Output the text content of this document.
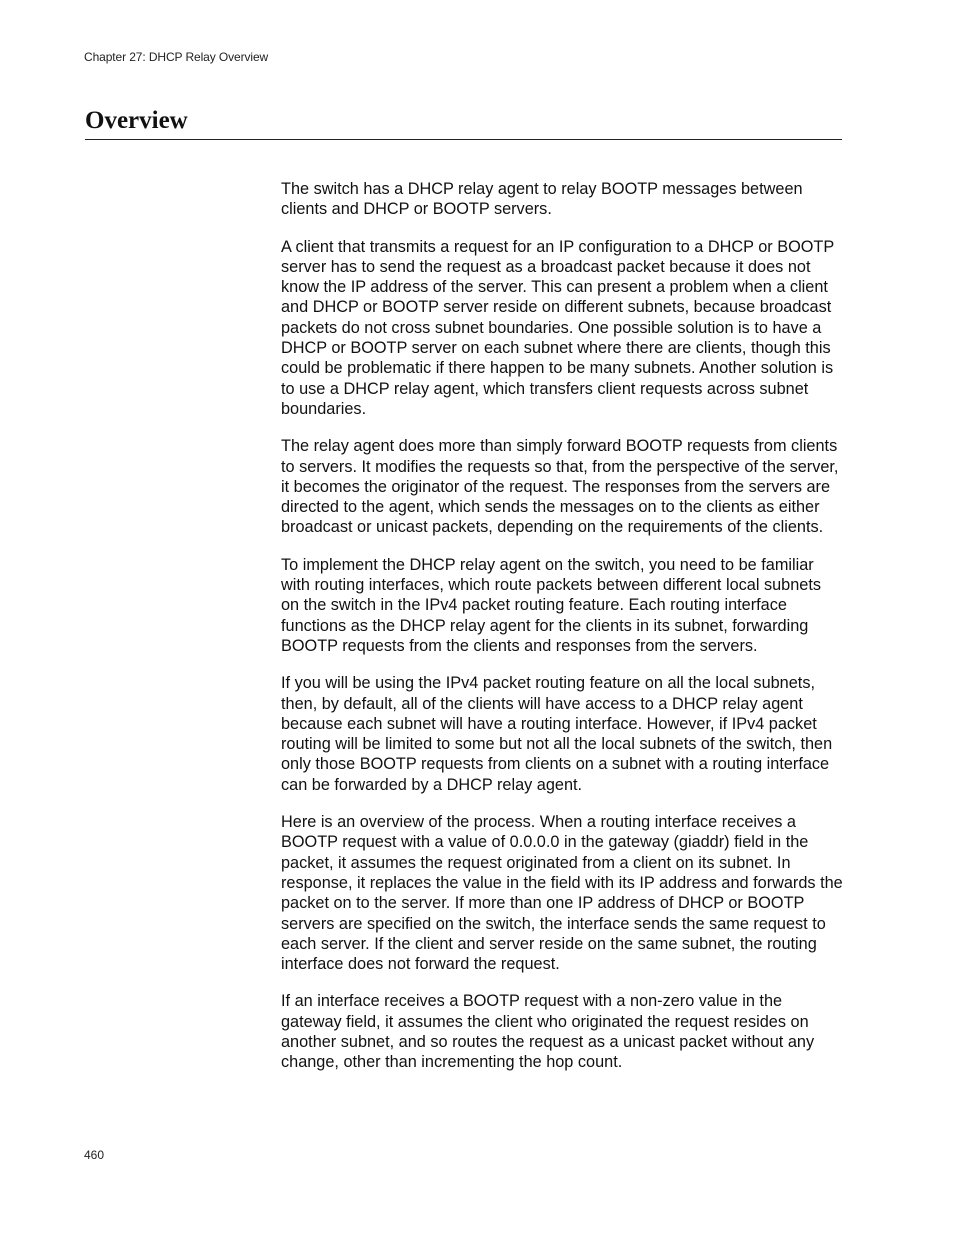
Chapter 27: DHCP Relay Overview
Overview

The switch has a DHCP relay agent to relay BOOTP messages between clients and DHCP or BOOTP servers.

A client that transmits a request for an IP configuration to a DHCP or BOOTP server has to send the request as a broadcast packet because it does not know the IP address of the server. This can present a problem when a client and DHCP or BOOTP server reside on different subnets, because broadcast packets do not cross subnet boundaries. One possible solution is to have a DHCP or BOOTP server on each subnet where there are clients, though this could be problematic if there happen to be many subnets. Another solution is to use a DHCP relay agent, which transfers client requests across subnet boundaries.

The relay agent does more than simply forward BOOTP requests from clients to servers. It modifies the requests so that, from the perspective of the server, it becomes the originator of the request. The responses from the servers are directed to the agent, which sends the messages on to the clients as either broadcast or unicast packets, depending on the requirements of the clients.

To implement the DHCP relay agent on the switch, you need to be familiar with routing interfaces, which route packets between different local subnets on the switch in the IPv4 packet routing feature. Each routing interface functions as the DHCP relay agent for the clients in its subnet, forwarding BOOTP requests from the clients and responses from the servers.

If you will be using the IPv4 packet routing feature on all the local subnets, then, by default, all of the clients will have access to a DHCP relay agent because each subnet will have a routing interface. However, if IPv4 packet routing will be limited to some but not all the local subnets of the switch, then only those BOOTP requests from clients on a subnet with a routing interface can be forwarded by a DHCP relay agent.

Here is an overview of the process. When a routing interface receives a BOOTP request with a value of 0.0.0.0 in the gateway (giaddr) field in the packet, it assumes the request originated from a client on its subnet. In response, it replaces the value in the field with its IP address and forwards the packet on to the server. If more than one IP address of DHCP or BOOTP servers are specified on the switch, the interface sends the same request to each server. If the client and server reside on the same subnet, the routing interface does not forward the request.

If an interface receives a BOOTP request with a non-zero value in the gateway field, it assumes the client who originated the request resides on another subnet, and so routes the request as a unicast packet without any change, other than incrementing the hop count.

460
